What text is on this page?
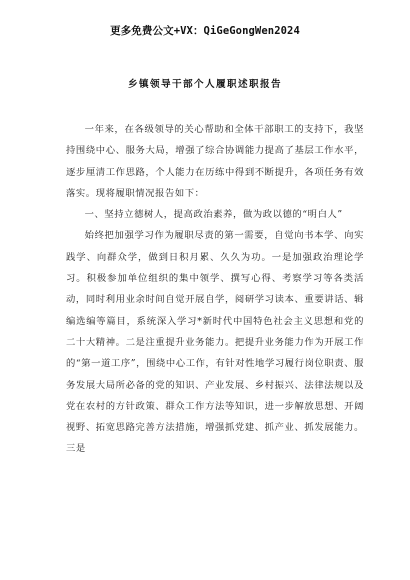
更多免费公文+VX：QiGeGongWen2024
乡镇领导干部个人履职述职报告

一年来，在各级领导的关心帮助和全体干部职工的支持下，我坚持围绕中心、服务大局，增强了综合协调能力提高了基层工作水平，逐步厘清工作思路，个人能力在历练中得到不断提升，各项任务有效落实。现将履职情况报告如下：

一、坚持立德树人，提高政治素养，做为政以德的“明白人”

始终把加强学习作为履职尽责的第一需要，自觉向书本学、向实践学、向群众学，做到日积月累、久久为功。一是加强政治理论学习。积极参加单位组织的集中领学、撰写心得、考察学习等各类活动，同时利用业余时间自觉开展自学，阅研学习读本、重要讲话、辑编选编等篇目，系统深入学习*新时代中国特色社会主义思想和党的二十大精神。二是注重提升业务能力。把提升业务能力作为开展工作的“第一道工序”，围绕中心工作，有针对性地学习履行岗位职责、服务发展大局所必备的党的知识、产业发展、乡村振兴、法律法规以及党在农村的方针政策、群众工作方法等知识，进一步解放思想、开阔视野、拓宽思路完善方法措施，增强抓党建、抓产业、抓发展能力。三是
